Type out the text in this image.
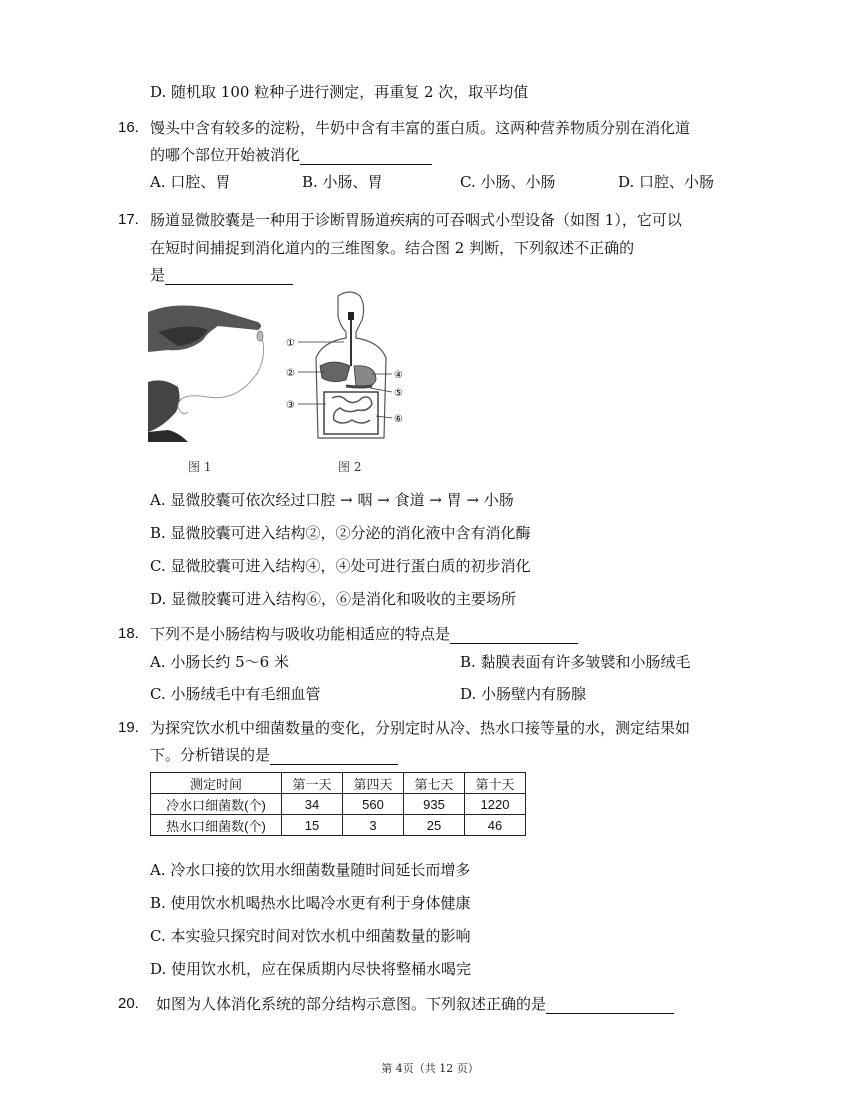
D. 随机取 100 粒种子进行测定，再重复 2 次，取平均值
16. 馒头中含有较多的淀粉，牛奶中含有丰富的蛋白质。这两种营养物质分别在消化道
的哪个部位开始被消化
A. 口腔、胃	B. 小肠、胃	C. 小肠、小肠	D. 口腔、小肠
17. 肠道显微胶囊是一种用于诊断胃肠道疾病的可吞咽式小型设备（如图 1），它可以
在短时间捕捉到消化道内的三维图象。结合图 2 判断，下列叙述不正确的
是
图 1
①
②
③
④
⑤
⑥
图 2
A. 显微胶囊可依次经过口腔 → 咽 → 食道 → 胃 → 小肠
B. 显微胶囊可进入结构②，②分泌的消化液中含有消化酶
C. 显微胶囊可进入结构④，④处可进行蛋白质的初步消化
D. 显微胶囊可进入结构⑥，⑥是消化和吸收的主要场所
18. 下列不是小肠结构与吸收功能相适应的特点是
A. 小肠长约 5～6 米	B. 黏膜表面有许多皱襞和小肠绒毛
C. 小肠绒毛中有毛细血管	D. 小肠壁内有肠腺
19. 为探究饮水机中细菌数量的变化，分别定时从冷、热水口接等量的水，测定结果如
下。分析错误的是
测定时间	第一天	第四天	第七天	第十天
冷水口细菌数(个)	34	560	935	1220
热水口细菌数(个)	15	3	25	46
A. 冷水口接的饮用水细菌数量随时间延长而增多
B. 使用饮水机喝热水比喝冷水更有利于身体健康
C. 本实验只探究时间对饮水机中细菌数量的影响
D. 使用饮水机，应在保质期内尽快将整桶水喝完
20. 如图为人体消化系统的部分结构示意图。下列叙述正确的是
第 4页（共 12 页）
